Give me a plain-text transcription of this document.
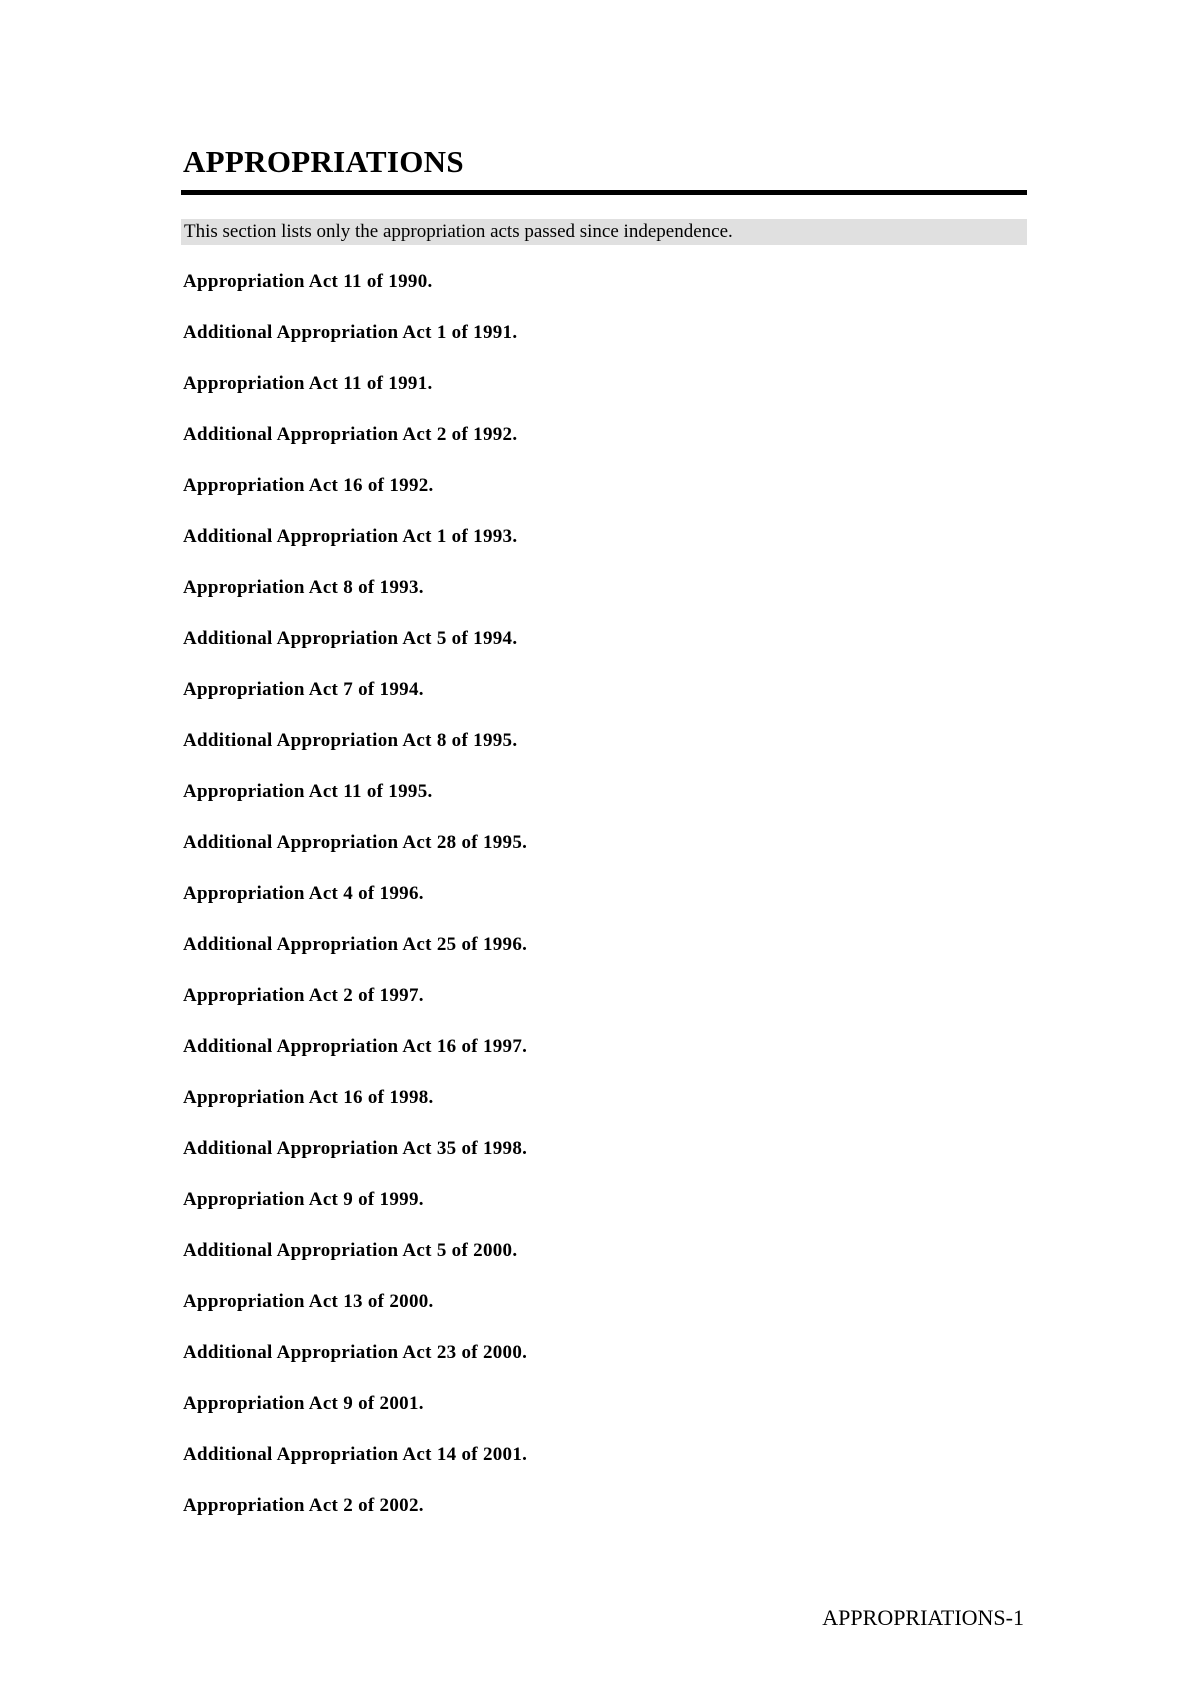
APPROPRIATIONS
This section lists only the appropriation acts passed since independence.
Appropriation Act 11 of 1990.
Additional Appropriation Act 1 of 1991.
Appropriation Act 11 of 1991.
Additional Appropriation Act 2 of 1992.
Appropriation Act 16 of 1992.
Additional Appropriation Act 1 of 1993.
Appropriation Act 8 of 1993.
Additional Appropriation Act 5 of 1994.
Appropriation Act 7 of 1994.
Additional Appropriation Act 8 of 1995.
Appropriation Act 11 of 1995.
Additional Appropriation Act 28 of 1995.
Appropriation Act 4 of 1996.
Additional Appropriation Act 25 of 1996.
Appropriation Act 2 of 1997.
Additional Appropriation Act 16 of 1997.
Appropriation Act 16 of 1998.
Additional Appropriation Act 35 of 1998.
Appropriation Act 9 of 1999.
Additional Appropriation Act 5 of 2000.
Appropriation Act 13 of 2000.
Additional Appropriation Act 23 of 2000.
Appropriation Act 9 of 2001.
Additional Appropriation Act 14 of 2001.
Appropriation Act 2 of 2002.
APPROPRIATIONS-1
